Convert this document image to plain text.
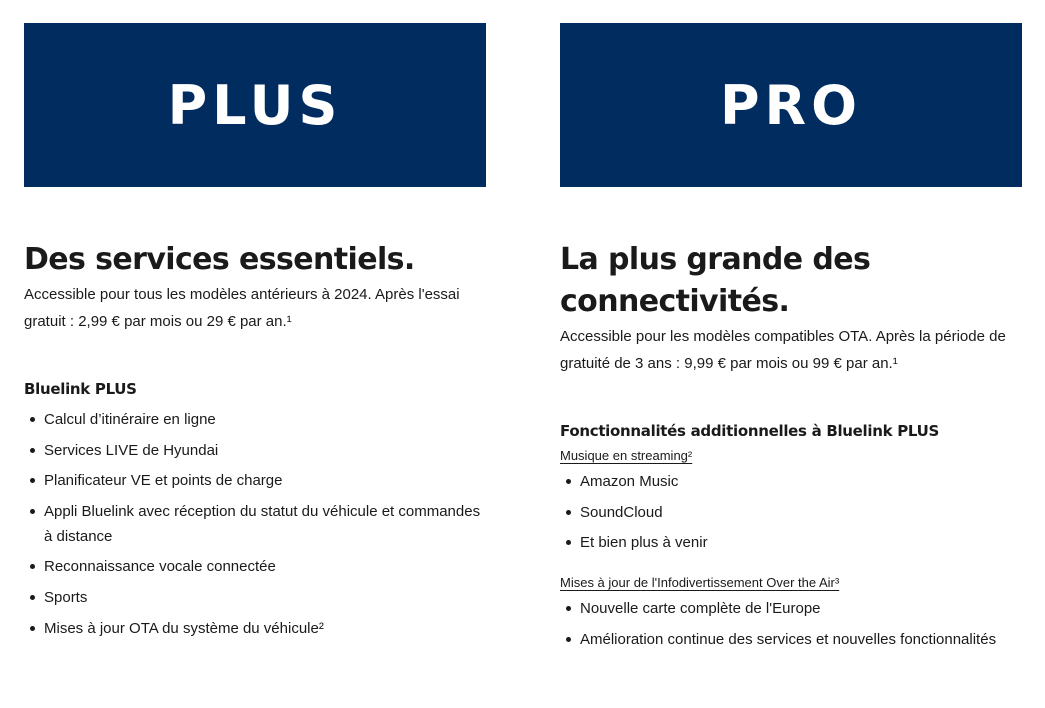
PLUS
Des services essentiels.

Accessible pour tous les modèles antérieurs à 2024. Après l'essai gratuit : 2,99 € par mois ou 29 € par an.¹

Bluelink PLUS
Calcul d’itinéraire en ligne
Services LIVE de Hyundai
Planificateur VE et points de charge
Appli Bluelink avec réception du statut du véhicule et commandes à distance
Reconnaissance vocale connectée
Sports
Mises à jour OTA du système du véhicule²
PRO
La plus grande des connectivités.

Accessible pour les modèles compatibles OTA. Après la période de gratuité de 3 ans : 9,99 € par mois ou 99 € par an.¹

Fonctionnalités additionnelles à Bluelink PLUS
Musique en streaming²
Amazon Music
SoundCloud
Et bien plus à venir
Mises à jour de l'Infodivertissement Over the Air³
Nouvelle carte complète de l'Europe
Amélioration continue des services et nouvelles fonctionnalités
